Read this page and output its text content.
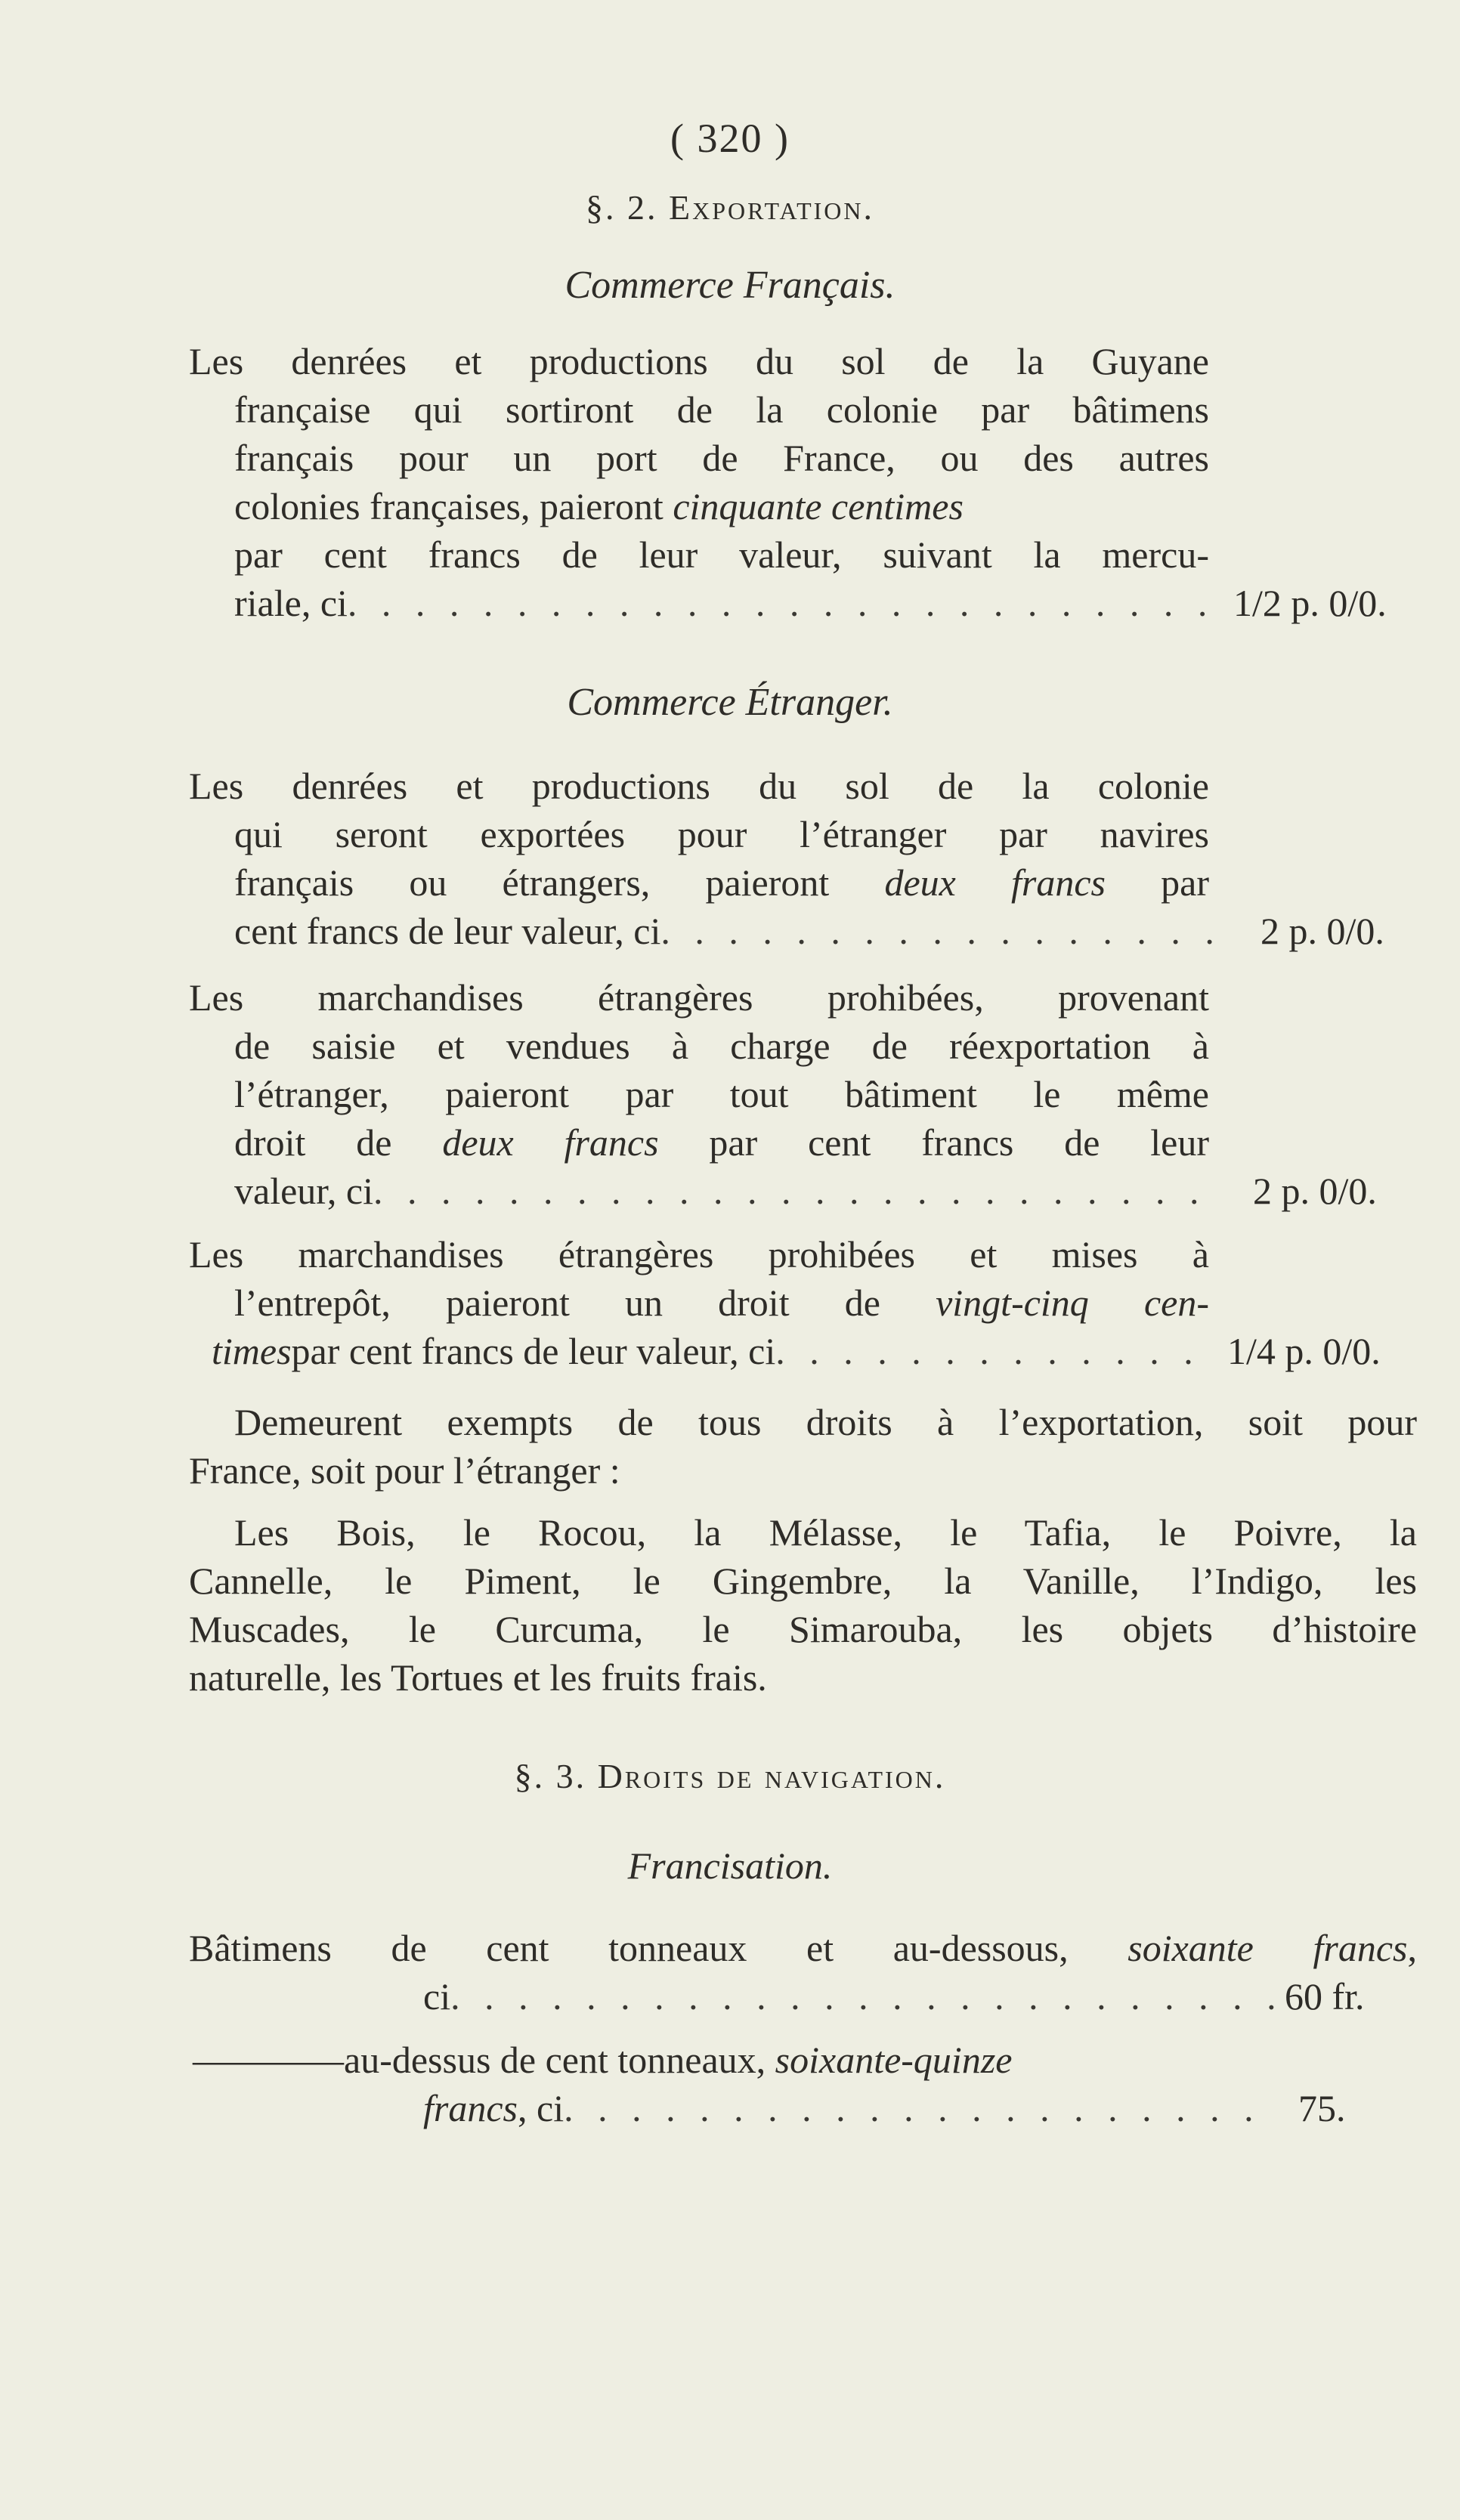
( 320 )
§. 2. Exportation.
Commerce Français.
Les denrées et productions du sol de la Guyane
française qui sortiront de la colonie par bâtimens
français pour un port de France, ou des autres
colonies françaises, paieront cinquante centimes
par cent francs de leur valeur, suivant la mercu-
riale, ci . . .	1/2 p. 0/0.
Commerce Étranger.
Les denrées et productions du sol de la colonie
qui seront exportées pour l’étranger par navires
français ou étrangers, paieront deux francs par
cent francs de leur valeur, ci . . .	2 p. 0/0.
Les marchandises étrangères prohibées, provenant
de saisie et vendues à charge de réexportation à
l’étranger, paieront par tout bâtiment le même
droit de deux francs par cent francs de leur
valeur, ci . . .	2 p. 0/0.
Les marchandises étrangères prohibées et mises à
l’entrepôt, paieront un droit de vingt-cinq cen-
times par cent francs de leur valeur, ci . . .	1/4 p. 0/0.
Demeurent exempts de tous droits à l’exportation, soit pour
France, soit pour l’étranger :
Les Bois, le Rocou, la Mélasse, le Tafia, le Poivre, la
Cannelle, le Piment, le Gingembre, la Vanille, l’Indigo, les
Muscades, le Curcuma, le Simarouba, les objets d’histoire
naturelle, les Tortues et les fruits frais.
§. 3. Droits de navigation.
Francisation.
Bâtimens de cent tonneaux et au-dessous, soixante francs,
ci . . .	60 fr.
————au-dessus de cent tonneaux, soixante-quinze
francs , ci . . .	75.
